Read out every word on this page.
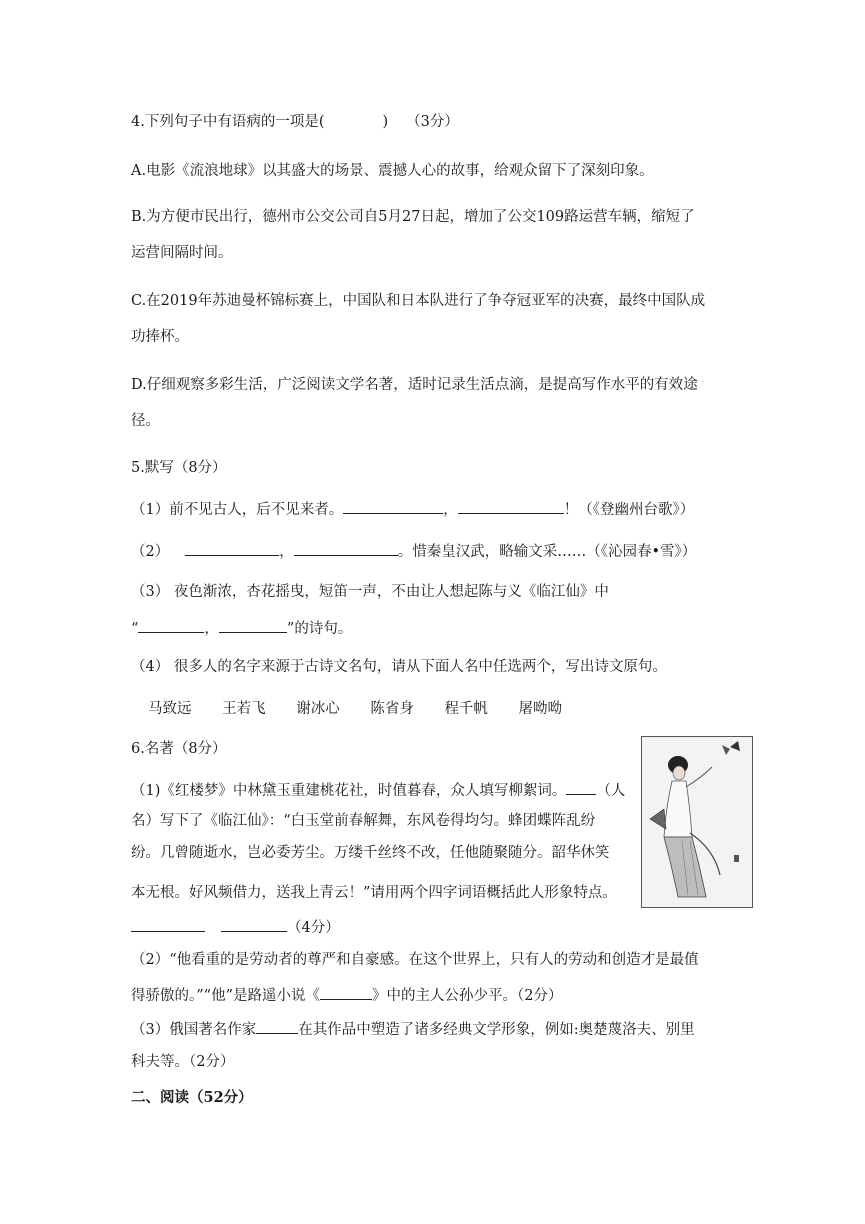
4.下列句子中有语病的一项是(	) （3分）
A.电影《流浪地球》以其盛大的场景、震撼人心的故事，给观众留下了深刻印象。
B.为方便市民出行，德州市公交公司自5月27日起，增加了公交109路运营车辆，缩短了
运营间隔时间。
C.在2019年苏迪曼杯锦标赛上，中国队和日本队进行了争夺冠亚军的决赛，最终中国队成
功捧杯。
D.仔细观察多彩生活，广泛阅读文学名著，适时记录生活点滴，是提高写作水平的有效途
径。
5.默写（8分）
（1）前不见古人，后不见来者。	，	！（《登幽州台歌》）
（2）	，	。惜秦皇汉武，略输文采……（《沁园春•雪》）
（3） 夜色渐浓，杏花摇曳，短笛一声，不由让人想起陈与义《临江仙》中
“	，	”的诗句。
（4） 很多人的名字来源于古诗文名句，请从下面人名中任选两个，写出诗文原句。
马致远 王若飞 谢冰心 陈省身 程千帆 屠呦呦
6.名著（8分）
（1)《红楼梦》中林黛玉重建桃花社，时值暮春，众人填写柳絮词。 （人
名）写下了《临江仙》：“白玉堂前春解舞，东风卷得均匀。蜂团蝶阵乱纷
纷。几曾随逝水，岂必委芳尘。万缕千丝终不改，任他随聚随分。韶华休笑
本无根。好风频借力，送我上青云！”请用两个四字词语概括此人形象特点。
（4分）
（2）“他看重的是劳动者的尊严和自豪感。在这个世界上，只有人的劳动和创造才是最值
得骄傲的。”“他”是路遥小说《	》中的主人公孙少平。（2分）
（3）俄国著名作家	在其作品中塑造了诸多经典文学形象，例如:奥楚蔑洛夫、别里
科夫等。（2分）
二、阅读（52分）
